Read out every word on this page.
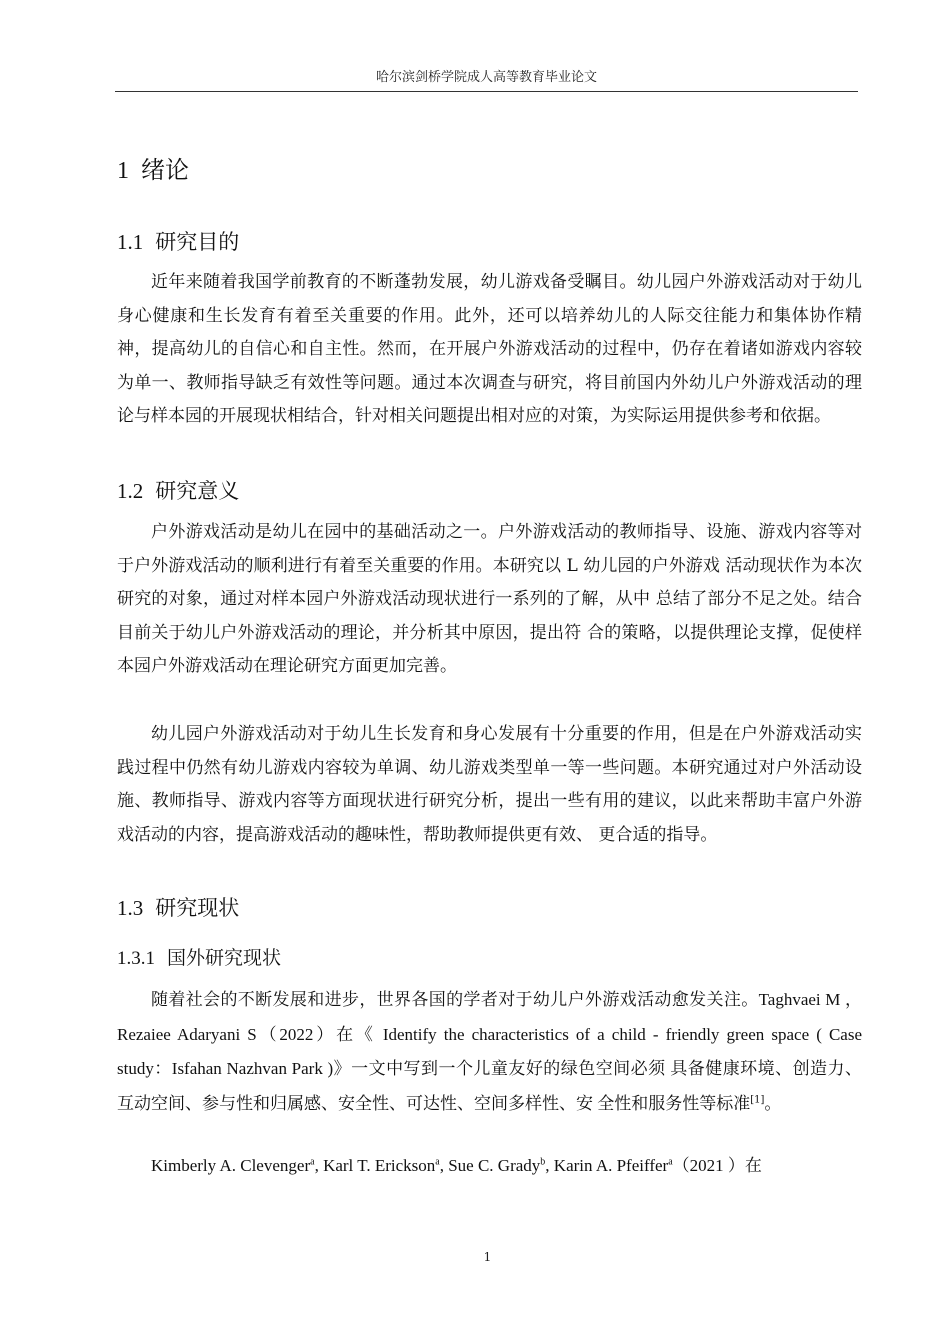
哈尔滨剑桥学院成人高等教育毕业论文
1 绪论
1.1 研究目的

近年来随着我国学前教育的不断蓬勃发展，幼儿游戏备受瞩目。幼儿园户外游戏活动对于幼儿身心健康和生长发育有着至关重要的作用。此外，还可以培养幼儿的人际交往能力和集体协作精神，提高幼儿的自信心和自主性。然而，在开展户外游戏活动的过程中，仍存在着诸如游戏内容较为单一、教师指导缺乏有效性等问题。通过本次调查与研究，将目前国内外幼儿户外游戏活动的理论与样本园的开展现状相结合，针对相关问题提出相对应的对策，为实际运用提供参考和依据。

1.2 研究意义

户外游戏活动是幼儿在园中的基础活动之一。户外游戏活动的教师指导、设施、游戏内容等对于户外游戏活动的顺利进行有着至关重要的作用。本研究以 L 幼儿园的户外游戏 活动现状作为本次研究的对象，通过对样本园户外游戏活动现状进行一系列的了解，从中 总结了部分不足之处。结合目前关于幼儿户外游戏活动的理论，并分析其中原因，提出符 合的策略，以提供理论支撑，促使样本园户外游戏活动在理论研究方面更加完善。

幼儿园户外游戏活动对于幼儿生长发育和身心发展有十分重要的作用，但是在户外游戏活动实践过程中仍然有幼儿游戏内容较为单调、幼儿游戏类型单一等一些问题。本研究通过对户外活动设施、教师指导、游戏内容等方面现状进行研究分析，提出一些有用的建议，以此来帮助丰富户外游戏活动的内容，提高游戏活动的趣味性，帮助教师提供更有效、 更合适的指导。

1.3 研究现状
1.3.1 国外研究现状

随着社会的不断发展和进步，世界各国的学者对于幼儿户外游戏活动愈发关注。Taghvaei M ，Rezaiee Adaryani S（2022）在《 Identify the characteristics of a child - friendly green space ( Case study：Isfahan Nazhvan Park )》一文中写到一个儿童友好的绿色空间必须 具备健康环境、创造力、互动空间、参与性和归属感、安全性、可达性、空间多样性、安 全性和服务性等标准[1]。

Kimberly A. Clevenger$^a$, Karl T. Erickson$^a$, Sue C. Grady$^b$, Karin A. Pfeiffer$^a$（2021 ）在

1
